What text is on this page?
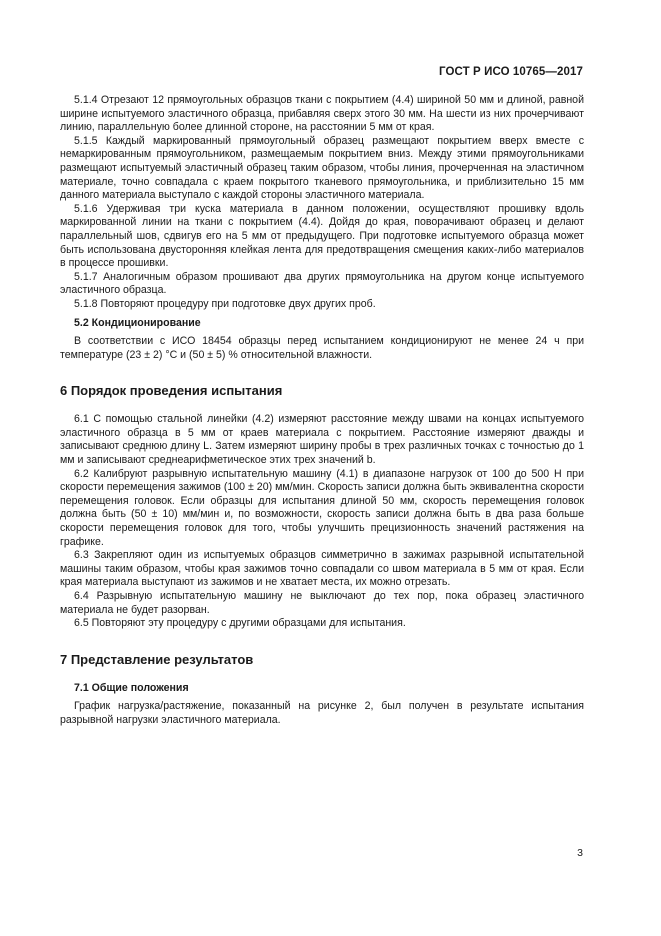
ГОСТ Р ИСО 10765—2017

5.1.4 Отрезают 12 прямоугольных образцов ткани с покрытием (4.4) шириной 50 мм и длиной, равной ширине испытуемого эластичного образца, прибавляя сверх этого 30 мм. На шести из них прочерчивают линию, параллельную более длинной стороне, на расстоянии 5 мм от края.

5.1.5 Каждый маркированный прямоугольный образец размещают покрытием вверх вместе с немаркированным прямоугольником, размещаемым покрытием вниз. Между этими прямоугольниками размещают испытуемый эластичный образец таким образом, чтобы линия, прочерченная на эластичном материале, точно совпадала с краем покрытого тканевого прямоугольника, и приблизительно 15 мм данного материала выступало с каждой стороны эластичного материала.

5.1.6 Удерживая три куска материала в данном положении, осуществляют прошивку вдоль маркированной линии на ткани с покрытием (4.4). Дойдя до края, поворачивают образец и делают параллельный шов, сдвигув его на 5 мм от предыдущего. При подготовке испытуемого образца может быть использована двусторонняя клейкая лента для предотвращения смещения каких-либо материалов в процессе прошивки.

5.1.7 Аналогичным образом прошивают два других прямоугольника на другом конце испытуемого эластичного образца.

5.1.8 Повторяют процедуру при подготовке двух других проб.

5.2 Кондиционирование

В соответствии с ИСО 18454 образцы перед испытанием кондиционируют не менее 24 ч при температуре (23 ± 2) °С и (50 ± 5) % относительной влажности.

6 Порядок проведения испытания

6.1 С помощью стальной линейки (4.2) измеряют расстояние между швами на концах испытуемого эластичного образца в 5 мм от краев материала с покрытием. Расстояние измеряют дважды и записывают среднюю длину L. Затем измеряют ширину пробы в трех различных точках с точностью до 1 мм и записывают среднеарифметическое этих трех значений b.

6.2 Калибруют разрывную испытательную машину (4.1) в диапазоне нагрузок от 100 до 500 Н при скорости перемещения зажимов (100 ± 20) мм/мин. Скорость записи должна быть эквивалентна скорости перемещения головок. Если образцы для испытания длиной 50 мм, скорость перемещения головок должна быть (50 ± 10) мм/мин и, по возможности, скорость записи должна быть в два раза больше скорости перемещения головок для того, чтобы улучшить прецизионность значений растяжения на графике.

6.3 Закрепляют один из испытуемых образцов симметрично в зажимах разрывной испытательной машины таким образом, чтобы края зажимов точно совпадали со швом материала в 5 мм от края. Если края материала выступают из зажимов и не хватает места, их можно отрезать.

6.4 Разрывную испытательную машину не выключают до тех пор, пока образец эластичного материала не будет разорван.

6.5 Повторяют эту процедуру с другими образцами для испытания.

7 Представление результатов
7.1 Общие положения

График нагрузка/растяжение, показанный на рисунке 2, был получен в результате испытания разрывной нагрузки эластичного материала.

3
